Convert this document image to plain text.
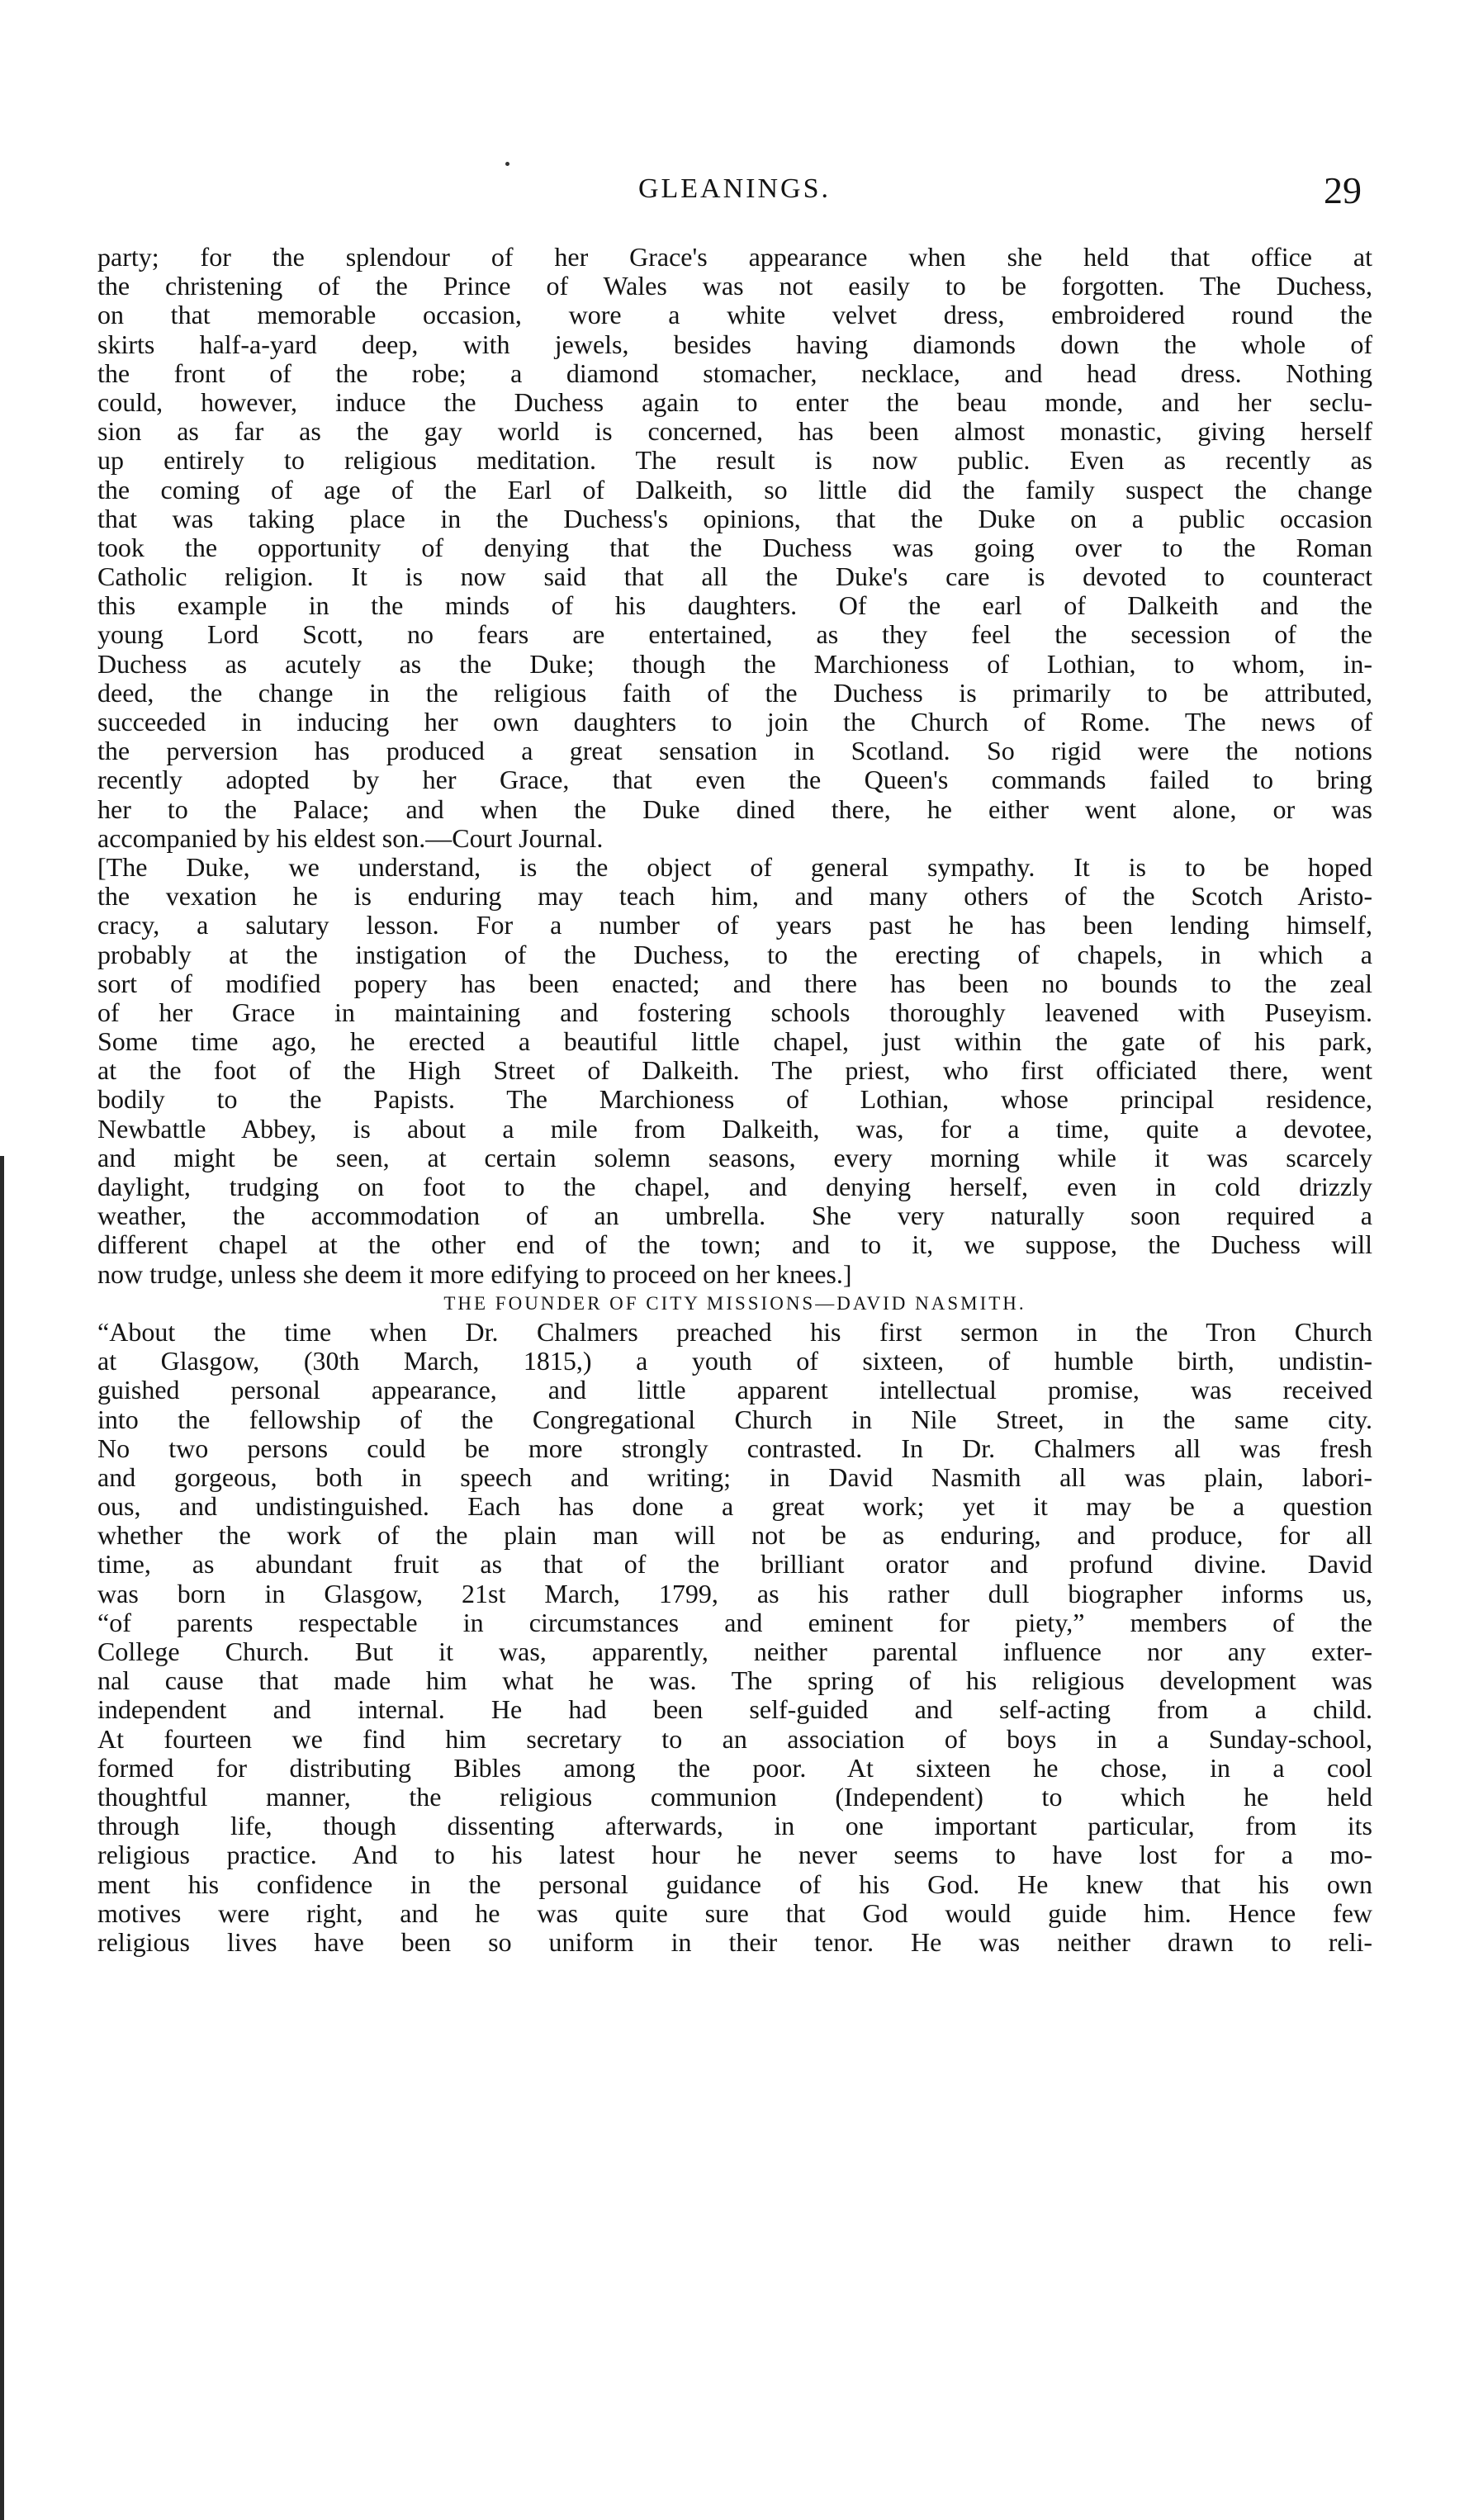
GLEANINGS.	29
party; for the splendour of her Grace's appearance when she held that office at
the christening of the Prince of Wales was not easily to be forgotten. The Duchess,
on that memorable occasion, wore a white velvet dress, embroidered round the
skirts half-a-yard deep, with jewels, besides having diamonds down the whole of
the front of the robe; a diamond stomacher, necklace, and head dress. Nothing
could, however, induce the Duchess again to enter the beau monde, and her seclu-
sion as far as the gay world is concerned, has been almost monastic, giving herself
up entirely to religious meditation. The result is now public. Even as recently as
the coming of age of the Earl of Dalkeith, so little did the family suspect the change
that was taking place in the Duchess's opinions, that the Duke on a public occasion
took the opportunity of denying that the Duchess was going over to the Roman
Catholic religion. It is now said that all the Duke's care is devoted to counteract
this example in the minds of his daughters. Of the earl of Dalkeith and the
young Lord Scott, no fears are entertained, as they feel the secession of the
Duchess as acutely as the Duke; though the Marchioness of Lothian, to whom, in-
deed, the change in the religious faith of the Duchess is primarily to be attributed,
succeeded in inducing her own daughters to join the Church of Rome. The news of
the perversion has produced a great sensation in Scotland. So rigid were the notions
recently adopted by her Grace, that even the Queen's commands failed to bring
her to the Palace; and when the Duke dined there, he either went alone, or was
accompanied by his eldest son.—Court Journal.
[The Duke, we understand, is the object of general sympathy. It is to be hoped
the vexation he is enduring may teach him, and many others of the Scotch Aristo-
cracy, a salutary lesson. For a number of years past he has been lending himself,
probably at the instigation of the Duchess, to the erecting of chapels, in which a
sort of modified popery has been enacted; and there has been no bounds to the zeal
of her Grace in maintaining and fostering schools thoroughly leavened with Puseyism.
Some time ago, he erected a beautiful little chapel, just within the gate of his park,
at the foot of the High Street of Dalkeith. The priest, who first officiated there, went
bodily to the Papists. The Marchioness of Lothian, whose principal residence,
Newbattle Abbey, is about a mile from Dalkeith, was, for a time, quite a devotee,
and might be seen, at certain solemn seasons, every morning while it was scarcely
daylight, trudging on foot to the chapel, and denying herself, even in cold drizzly
weather, the accommodation of an umbrella. She very naturally soon required a
different chapel at the other end of the town; and to it, we suppose, the Duchess will
now trudge, unless she deem it more edifying to proceed on her knees.]
THE FOUNDER OF CITY MISSIONS—DAVID NASMITH.
“About the time when Dr. Chalmers preached his first sermon in the Tron Church
at Glasgow, (30th March, 1815,) a youth of sixteen, of humble birth, undistin-
guished personal appearance, and little apparent intellectual promise, was received
into the fellowship of the Congregational Church in Nile Street, in the same city.
No two persons could be more strongly contrasted. In Dr. Chalmers all was fresh
and gorgeous, both in speech and writing; in David Nasmith all was plain, labori-
ous, and undistinguished. Each has done a great work; yet it may be a question
whether the work of the plain man will not be as enduring, and produce, for all
time, as abundant fruit as that of the brilliant orator and profund divine. David
was born in Glasgow, 21st March, 1799, as his rather dull biographer informs us,
“of parents respectable in circumstances and eminent for piety,” members of the
College Church. But it was, apparently, neither parental influence nor any exter-
nal cause that made him what he was. The spring of his religious development was
independent and internal. He had been self-guided and self-acting from a child.
At fourteen we find him secretary to an association of boys in a Sunday-school,
formed for distributing Bibles among the poor. At sixteen he chose, in a cool
thoughtful manner, the religious communion (Independent) to which he held
through life, though dissenting afterwards, in one important particular, from its
religious practice. And to his latest hour he never seems to have lost for a mo-
ment his confidence in the personal guidance of his God. He knew that his own
motives were right, and he was quite sure that God would guide him. Hence few
religious lives have been so uniform in their tenor. He was neither drawn to reli-
